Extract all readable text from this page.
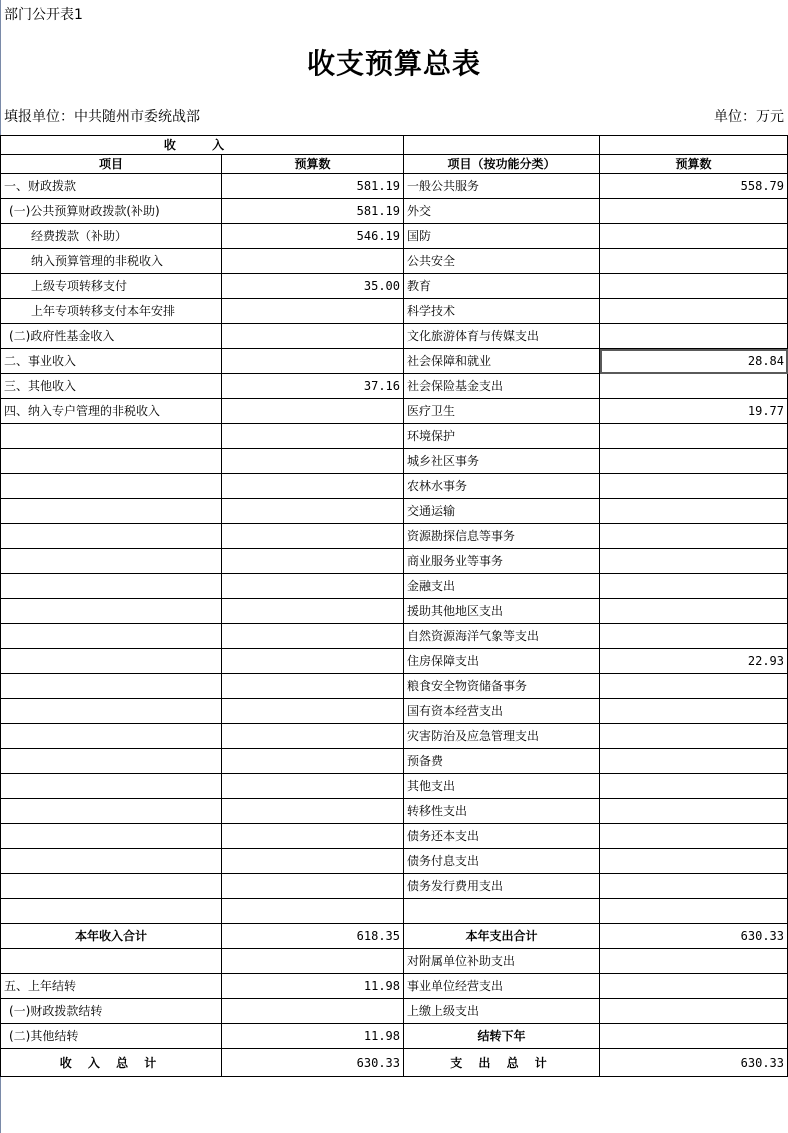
部门公开表1
收支预算总表
填报单位：中共随州市委统战部	单位：万元
收 入			
项目	预算数	项目（按功能分类）	预算数
一、财政拨款	581.19	一般公共服务	558.79
(一)公共预算财政拨款(补助)	581.19	外交	
经费拨款（补助）	546.19	国防	
纳入预算管理的非税收入		公共安全	
上级专项转移支付	35.00	教育	
上年专项转移支付本年安排		科学技术	
(二)政府性基金收入		文化旅游体育与传媒支出	
二、事业收入		社会保障和就业	28.84
三、其他收入	37.16	社会保险基金支出	
四、纳入专户管理的非税收入		医疗卫生	19.77
		环境保护	
		城乡社区事务	
		农林水事务	
		交通运输	
		资源勘探信息等事务	
		商业服务业等事务	
		金融支出	
		援助其他地区支出	
		自然资源海洋气象等支出	
		住房保障支出	22.93
		粮食安全物资储备事务	
		国有资本经营支出	
		灾害防治及应急管理支出	
		预备费	
		其他支出	
		转移性支出	
		债务还本支出	
		债务付息支出	
		债务发行费用支出	

本年收入合计	618.35	本年支出合计	630.33
		对附属单位补助支出	
五、上年结转	11.98	事业单位经营支出	
(一)财政拨款结转		上缴上级支出	
(二)其他结转	11.98	结转下年	
收 入 总 计	630.33	支 出 总 计	630.33
